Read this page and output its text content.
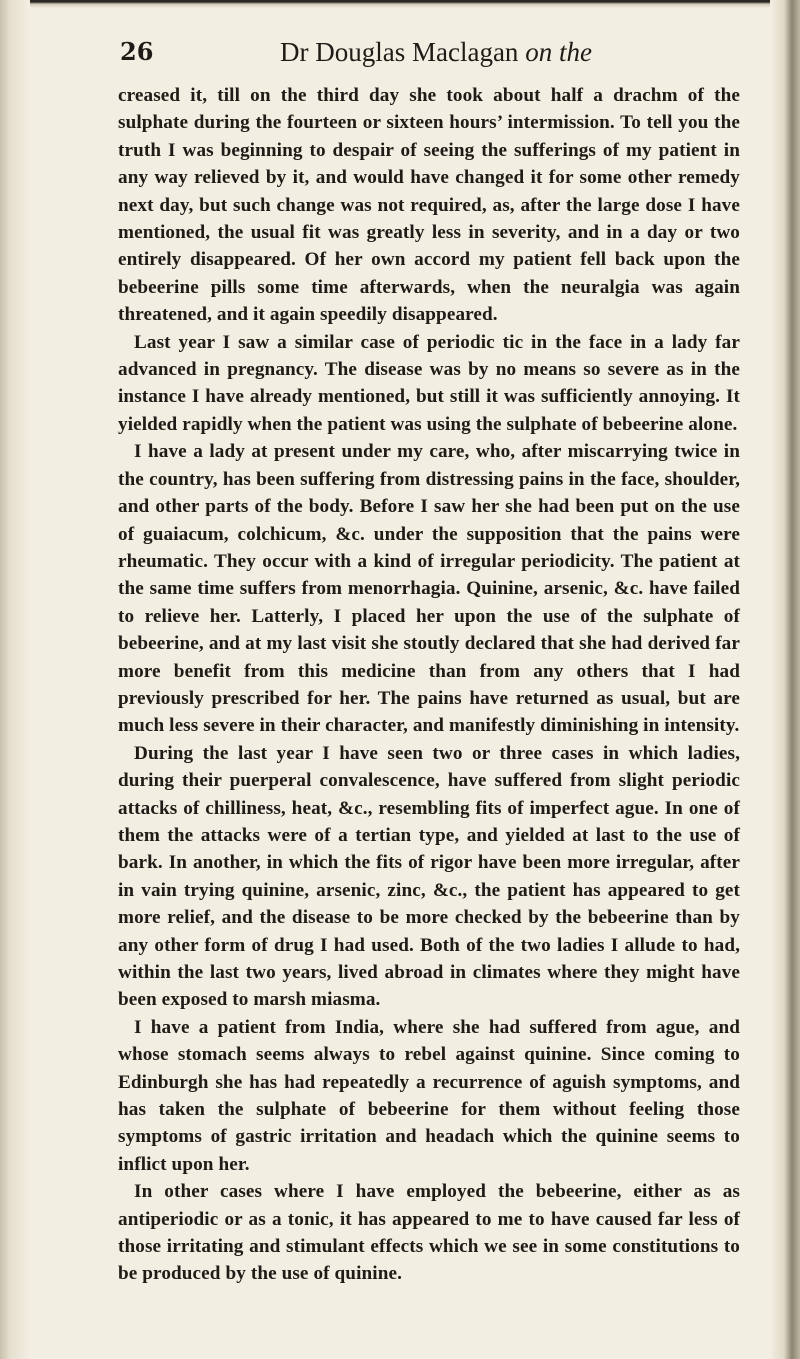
26	Dr Douglas Maclagan on the

creased it, till on the third day she took about half a drachm of the sulphate during the fourteen or sixteen hours’ intermission. To tell you the truth I was beginning to despair of seeing the sufferings of my patient in any way relieved by it, and would have changed it for some other remedy next day, but such change was not required, as, after the large dose I have mentioned, the usual fit was greatly less in severity, and in a day or two entirely disappeared. Of her own accord my patient fell back upon the bebeerine pills some time afterwards, when the neuralgia was again threatened, and it again speedily disappeared.

Last year I saw a similar case of periodic tic in the face in a lady far advanced in pregnancy. The disease was by no means so severe as in the instance I have already mentioned, but still it was sufficiently annoying. It yielded rapidly when the patient was using the sulphate of bebeerine alone.

I have a lady at present under my care, who, after miscarrying twice in the country, has been suffering from distressing pains in the face, shoulder, and other parts of the body. Before I saw her she had been put on the use of guaiacum, colchicum, &c. under the supposition that the pains were rheumatic. They occur with a kind of irregular periodicity. The patient at the same time suffers from menorrhagia. Quinine, arsenic, &c. have failed to relieve her. Latterly, I placed her upon the use of the sulphate of bebeerine, and at my last visit she stoutly declared that she had derived far more benefit from this medicine than from any others that I had previously prescribed for her. The pains have returned as usual, but are much less severe in their character, and manifestly diminishing in intensity.

During the last year I have seen two or three cases in which ladies, during their puerperal convalescence, have suffered from slight periodic attacks of chilliness, heat, &c., resembling fits of imperfect ague. In one of them the attacks were of a tertian type, and yielded at last to the use of bark. In another, in which the fits of rigor have been more irregular, after in vain trying quinine, arsenic, zinc, &c., the patient has appeared to get more relief, and the disease to be more checked by the bebeerine than by any other form of drug I had used. Both of the two ladies I allude to had, within the last two years, lived abroad in climates where they might have been exposed to marsh miasma.

I have a patient from India, where she had suffered from ague, and whose stomach seems always to rebel against quinine. Since coming to Edinburgh she has had repeatedly a recurrence of aguish symptoms, and has taken the sulphate of bebeerine for them without feeling those symptoms of gastric irritation and headach which the quinine seems to inflict upon her.

In other cases where I have employed the bebeerine, either as as antiperiodic or as a tonic, it has appeared to me to have caused far less of those irritating and stimulant effects which we see in some constitutions to be produced by the use of quinine.
